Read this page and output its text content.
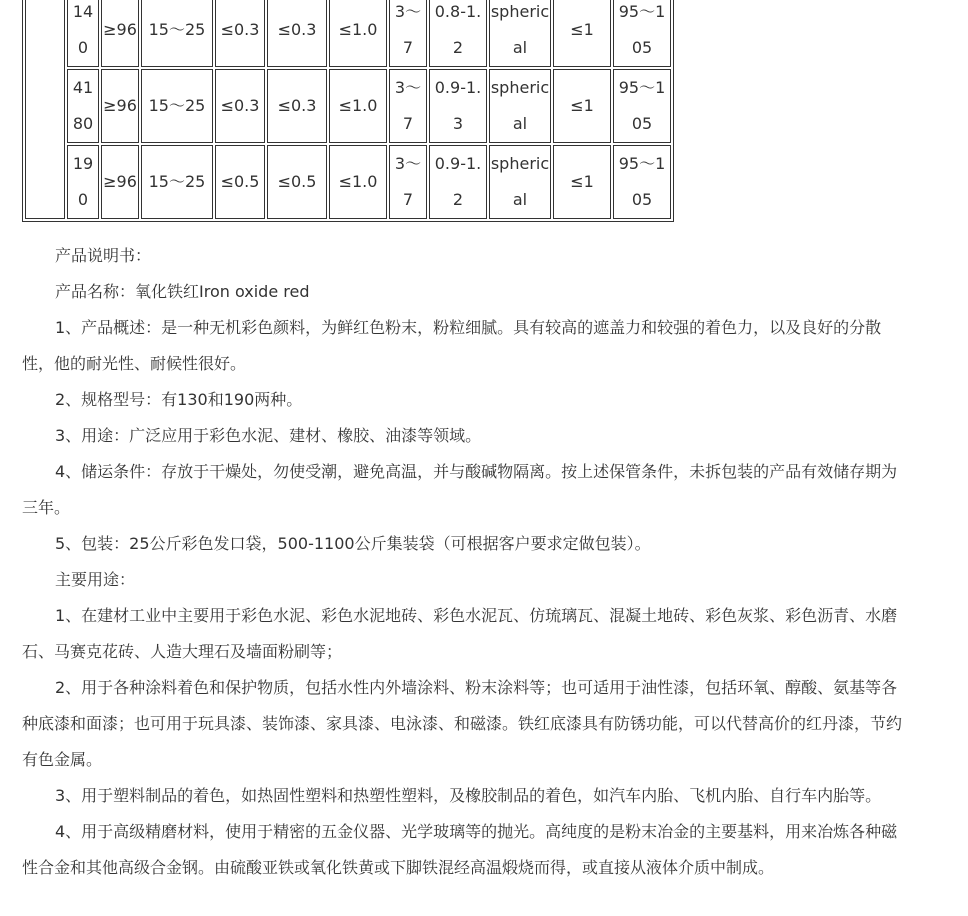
	140	≥96	15～25	≤0.3	≤0.3	≤1.0	3～7	0.8-1.2	spherical	≤1	95～105
	4180	≥96	15～25	≤0.3	≤0.3	≤1.0	3～7	0.9-1.3	spherical	≤1	95～105
	190	≥96	15～25	≤0.5	≤0.5	≤1.0	3～7	0.9-1.2	spherical	≤1	95～105

产品说明书：

产品名称：氧化铁红Iron oxide red

1、产品概述：是一种无机彩色颜料，为鲜红色粉末，粉粒细腻。具有较高的遮盖力和较强的着色力，以及良好的分散性，他的耐光性、耐候性很好。

2、规格型号：有130和190两种。

3、用途：广泛应用于彩色水泥、建材、橡胶、油漆等领域。

4、储运条件：存放于干燥处，勿使受潮，避免高温，并与酸碱物隔离。按上述保管条件，未拆包装的产品有效储存期为三年。

5、包装：25公斤彩色发口袋，500-1100公斤集装袋（可根据客户要求定做包装）。

主要用途：

1、在建材工业中主要用于彩色水泥、彩色水泥地砖、彩色水泥瓦、仿琉璃瓦、混凝土地砖、彩色灰浆、彩色沥青、水磨石、马赛克花砖、人造大理石及墙面粉刷等；

2、用于各种涂料着色和保护物质，包括水性内外墙涂料、粉末涂料等；也可适用于油性漆，包括环氧、醇酸、氨基等各种底漆和面漆；也可用于玩具漆、装饰漆、家具漆、电泳漆、和磁漆。铁红底漆具有防锈功能，可以代替高价的红丹漆，节约有色金属。

3、用于塑料制品的着色，如热固性塑料和热塑性塑料，及橡胶制品的着色，如汽车内胎、飞机内胎、自行车内胎等。

4、用于高级精磨材料，使用于精密的五金仪器、光学玻璃等的抛光。高纯度的是粉末冶金的主要基料，用来冶炼各种磁性合金和其他高级合金钢。由硫酸亚铁或氧化铁黄或下脚铁混经高温煅烧而得，或直接从液体介质中制成。
